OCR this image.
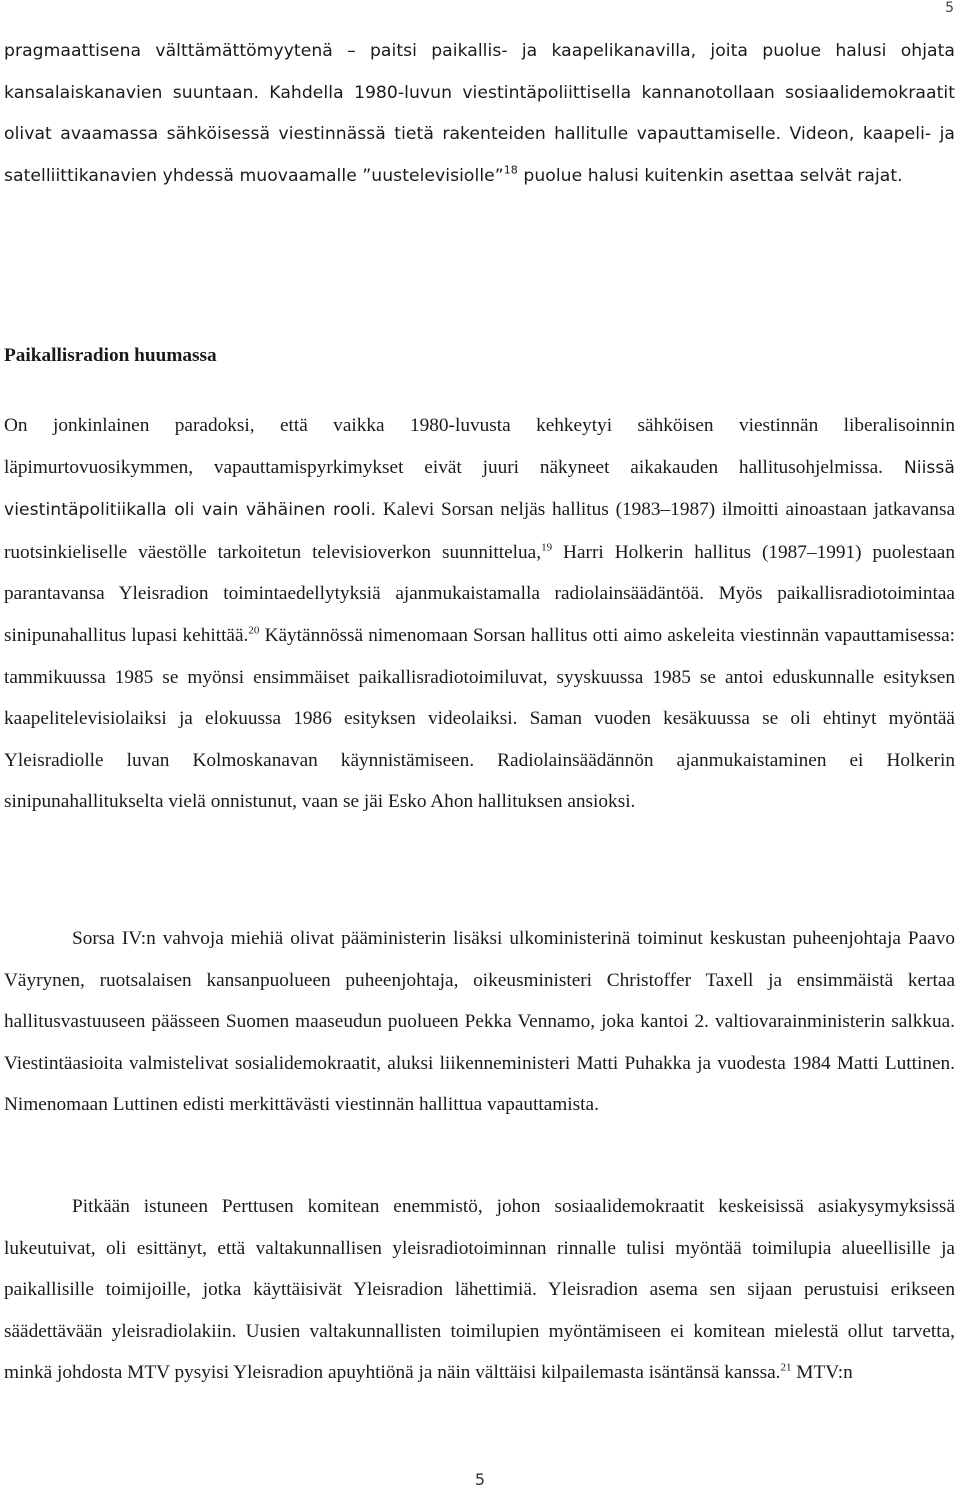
5

pragmaattisena välttämättömyytenä – paitsi paikallis- ja kaapelikanavilla, joita puolue halusi ohjata kansalaiskanavien suuntaan. Kahdella 1980-luvun viestintäpoliittisella kannanotollaan sosiaalidemokraatit olivat avaamassa sähköisessä viestinnässä tietä rakenteiden hallitulle vapauttamiselle. Videon, kaapeli- ja satelliittikanavien yhdessä muovaamalle ”uustelevisiolle”$^{18}$ puolue halusi kuitenkin asettaa selvät rajat.

Paikallisradion huumassa

On jonkinlainen paradoksi, että vaikka 1980-luvusta kehkeytyi sähköisen viestinnän liberalisoinnin läpimurtovuosikymmen, vapauttamispyrkimykset eivät juuri näkyneet aikakauden hallitusohjelmissa. Niissä viestintäpolitiikalla oli vain vähäinen rooli. Kalevi Sorsan neljäs hallitus (1983–1987) ilmoitti ainoastaan jatkavansa ruotsinkieliselle väestölle tarkoitetun televisioverkon suunnittelua,$^{19}$ Harri Holkerin hallitus (1987–1991) puolestaan parantavansa Yleisradion toimintaedellytyksiä ajanmukaistamalla radiolainsäädäntöä. Myös paikallisradiotoimintaa sinipunahallitus lupasi kehittää.$^{20}$ Käytännössä nimenomaan Sorsan hallitus otti aimo askeleita viestinnän vapauttamisessa: tammikuussa 1985 se myönsi ensimmäiset paikallisradiotoimiluvat, syyskuussa 1985 se antoi eduskunnalle esityksen kaapelitelevisiolaiksi ja elokuussa 1986 esityksen videolaiksi. Saman vuoden kesäkuussa se oli ehtinyt myöntää Yleisradiolle luvan Kolmoskanavan käynnistämiseen. Radiolainsäädännön ajanmukaistaminen ei Holkerin sinipunahallitukselta vielä onnistunut, vaan se jäi Esko Ahon hallituksen ansioksi.

Sorsa IV:n vahvoja miehiä olivat pääministerin lisäksi ulkoministerinä toiminut keskustan puheenjohtaja Paavo Väyrynen, ruotsalaisen kansanpuolueen puheenjohtaja, oikeusministeri Christoffer Taxell ja ensimmäistä kertaa hallitusvastuuseen päässeen Suomen maaseudun puolueen Pekka Vennamo, joka kantoi 2. valtiovarainministerin salkkua. Viestintäasioita valmistelivat sosialidemokraatit, aluksi liikenneministeri Matti Puhakka ja vuodesta 1984 Matti Luttinen. Nimenomaan Luttinen edisti merkittävästi viestinnän hallittua vapauttamista.

Pitkään istuneen Perttusen komitean enemmistö, johon sosiaalidemokraatit keskeisissä asiakysymyksissä lukeutuivat, oli esittänyt, että valtakunnallisen yleisradiotoiminnan rinnalle tulisi myöntää toimilupia alueellisille ja paikallisille toimijoille, jotka käyttäisivät Yleisradion lähettimiä. Yleisradion asema sen sijaan perustuisi erikseen säädettävään yleisradiolakiin. Uusien valtakunnallisten toimilupien myöntämiseen ei komitean mielestä ollut tarvetta, minkä johdosta MTV pysyisi Yleisradion apuyhtiönä ja näin välttäisi kilpailemasta isäntänsä kanssa.$^{21}$ MTV:n

5
